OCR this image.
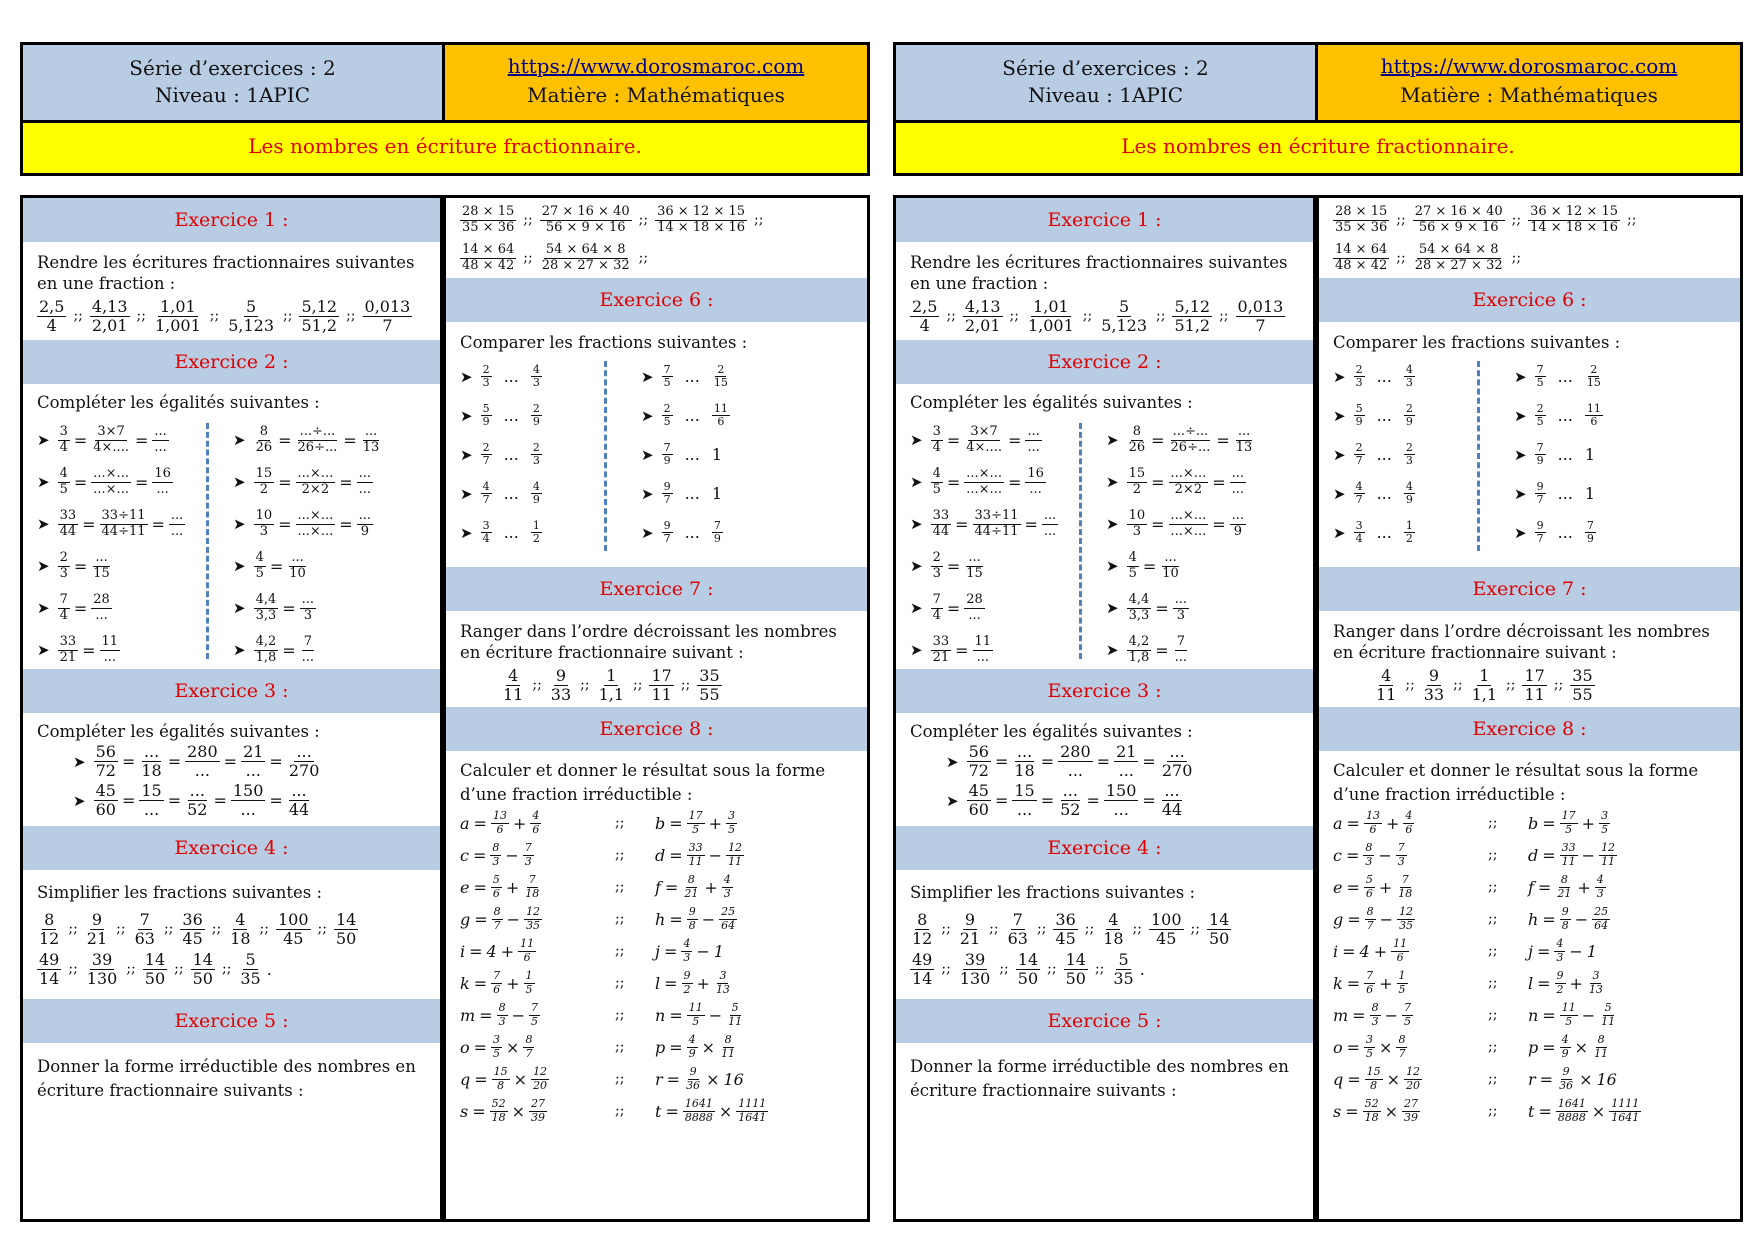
Série d’exercices : 2
Niveau : 1APIC
https://www.dorosmaroc.com
Matière : Mathématiques
Les nombres en écriture fractionnaire.
Exercice 1 :
Rendre les écritures fractionnaires suivantes en une fraction :
$\frac{2,5}{4}$ ;; $\frac{4,13}{2,01}$ ;; $\frac{1,01}{1,001}$ ;; $\frac{5}{5,123}$ ;; $\frac{5,12}{51,2}$ ;; $\frac{0,013}{7}$
Exercice 2 :
Compléter les égalités suivantes :
➤ $\frac{3}{4} = \frac{3\times 7}{4\times....} = \frac{...}{...}$
➤ $\frac{4}{5} = \frac{...\times...}{...\times...} = \frac{16}{...}$
➤ $\frac{33}{44} = \frac{33\div 11}{44\div 11} = \frac{...}{...}$
➤ $\frac{2}{3} = \frac{...}{15}$
➤ $\frac{7}{4} = \frac{28}{...}$
➤ $\frac{33}{21} = \frac{11}{...}$
➤ $\frac{8}{26} = \frac{...\div...}{26\div...} = \frac{...}{13}$
➤ $\frac{15}{2} = \frac{...\times...}{2\times 2} = \frac{...}{...}$
➤ $\frac{10}{3} = \frac{...\times...}{...\times...} = \frac{...}{9}$
➤ $\frac{4}{5} = \frac{...}{10}$
➤ $\frac{4,4}{3,3} = \frac{...}{3}$
➤ $\frac{4,2}{1,8} = \frac{7}{...}$
Exercice 3 :
Compléter les égalités suivantes :
➤ $\frac{56}{72} = \frac{...}{18} = \frac{280}{...} = \frac{21}{...} = \frac{...}{270}$
➤ $\frac{45}{60} = \frac{15}{...} = \frac{...}{52} = \frac{150}{...} = \frac{...}{44}$
Exercice 4 :
Simplifier les fractions suivantes :
$\frac{8}{12}$ ;; $\frac{9}{21}$ ;; $\frac{7}{63}$ ;; $\frac{36}{45}$ ;; $\frac{4}{18}$ ;; $\frac{100}{45}$ ;; $\frac{14}{50}$
$\frac{49}{14}$ ;; $\frac{39}{130}$ ;; $\frac{14}{50}$ ;; $\frac{14}{50}$ ;; $\frac{5}{35}$ .
Exercice 5 :
Donner la forme irréductible des nombres en écriture fractionnaire suivants :
$\frac{28 \times 15}{35 \times 36}$ ;; $\frac{27 \times 16 \times 40}{56 \times 9 \times 16}$ ;; $\frac{36 \times 12 \times 15}{14 \times 18 \times 16}$ ;;
$\frac{14 \times 64}{48 \times 42}$ ;; $\frac{54 \times 64 \times 8}{28 \times 27 \times 32}$ ;;
Exercice 6 :
Comparer les fractions suivantes :
➤ $\frac{2}{3}$ ... $\frac{4}{3}$
➤ $\frac{5}{9}$ ... $\frac{2}{9}$
➤ $\frac{2}{7}$ ... $\frac{2}{3}$
➤ $\frac{4}{7}$ ... $\frac{4}{9}$
➤ $\frac{3}{4}$ ... $\frac{1}{2}$
➤ $\frac{7}{5}$ ... $\frac{2}{15}$
➤ $\frac{2}{5}$ ... $\frac{11}{6}$
➤ $\frac{7}{9}$ ... 1
➤ $\frac{9}{7}$ ... 1
➤ $\frac{9}{7}$ ... $\frac{7}{9}$
Exercice 7 :
Ranger dans l’ordre décroissant les nombres en écriture fractionnaire suivant :
$\frac{4}{11}$ ;; $\frac{9}{33}$ ;; $\frac{1}{1,1}$ ;; $\frac{17}{11}$ ;; $\frac{35}{55}$
Exercice 8 :
Calculer et donner le résultat sous la forme d’une fraction irréductible :
$a = \frac{13}{6} + \frac{4}{6}$	;;	$b = \frac{17}{5} + \frac{3}{5}$
$c = \frac{8}{3} - \frac{7}{3}$	;;	$d = \frac{33}{11} - \frac{12}{11}$
$e = \frac{5}{6} + \frac{7}{18}$	;;	$f = \frac{8}{21} + \frac{4}{3}$
$g = \frac{8}{7} - \frac{12}{35}$	;;	$h = \frac{9}{8} - \frac{25}{64}$
$i = 4 + \frac{11}{6}$	;;	$j = \frac{4}{3} - 1$
$k = \frac{7}{6} + \frac{1}{5}$	;;	$l = \frac{9}{2} + \frac{3}{13}$
$m = \frac{8}{3} - \frac{7}{5}$	;;	$n = \frac{11}{5} - \frac{5}{11}$
$o = \frac{3}{5} \times \frac{8}{7}$	;;	$p = \frac{4}{9} \times \frac{8}{11}$
$q = \frac{15}{8} \times \frac{12}{20}$	;;	$r = \frac{9}{36} \times 16$
$s = \frac{52}{18} \times \frac{27}{39}$	;;	$t = \frac{1641}{8888} \times \frac{1111}{1641}$
Série d’exercices : 2
Niveau : 1APIC
https://www.dorosmaroc.com
Matière : Mathématiques
Les nombres en écriture fractionnaire.
Exercice 1 :
Rendre les écritures fractionnaires suivantes en une fraction :
$\frac{2,5}{4}$ ;; $\frac{4,13}{2,01}$ ;; $\frac{1,01}{1,001}$ ;; $\frac{5}{5,123}$ ;; $\frac{5,12}{51,2}$ ;; $\frac{0,013}{7}$
Exercice 2 :
Compléter les égalités suivantes :
➤ $\frac{3}{4} = \frac{3\times 7}{4\times....} = \frac{...}{...}$
➤ $\frac{4}{5} = \frac{...\times...}{...\times...} = \frac{16}{...}$
➤ $\frac{33}{44} = \frac{33\div 11}{44\div 11} = \frac{...}{...}$
➤ $\frac{2}{3} = \frac{...}{15}$
➤ $\frac{7}{4} = \frac{28}{...}$
➤ $\frac{33}{21} = \frac{11}{...}$
➤ $\frac{8}{26} = \frac{...\div...}{26\div...} = \frac{...}{13}$
➤ $\frac{15}{2} = \frac{...\times...}{2\times 2} = \frac{...}{...}$
➤ $\frac{10}{3} = \frac{...\times...}{...\times...} = \frac{...}{9}$
➤ $\frac{4}{5} = \frac{...}{10}$
➤ $\frac{4,4}{3,3} = \frac{...}{3}$
➤ $\frac{4,2}{1,8} = \frac{7}{...}$
Exercice 3 :
Compléter les égalités suivantes :
➤ $\frac{56}{72} = \frac{...}{18} = \frac{280}{...} = \frac{21}{...} = \frac{...}{270}$
➤ $\frac{45}{60} = \frac{15}{...} = \frac{...}{52} = \frac{150}{...} = \frac{...}{44}$
Exercice 4 :
Simplifier les fractions suivantes :
$\frac{8}{12}$ ;; $\frac{9}{21}$ ;; $\frac{7}{63}$ ;; $\frac{36}{45}$ ;; $\frac{4}{18}$ ;; $\frac{100}{45}$ ;; $\frac{14}{50}$
$\frac{49}{14}$ ;; $\frac{39}{130}$ ;; $\frac{14}{50}$ ;; $\frac{14}{50}$ ;; $\frac{5}{35}$ .
Exercice 5 :
Donner la forme irréductible des nombres en écriture fractionnaire suivants :
$\frac{28 \times 15}{35 \times 36}$ ;; $\frac{27 \times 16 \times 40}{56 \times 9 \times 16}$ ;; $\frac{36 \times 12 \times 15}{14 \times 18 \times 16}$ ;;
$\frac{14 \times 64}{48 \times 42}$ ;; $\frac{54 \times 64 \times 8}{28 \times 27 \times 32}$ ;;
Exercice 6 :
Comparer les fractions suivantes :
➤ $\frac{2}{3}$ ... $\frac{4}{3}$
➤ $\frac{5}{9}$ ... $\frac{2}{9}$
➤ $\frac{2}{7}$ ... $\frac{2}{3}$
➤ $\frac{4}{7}$ ... $\frac{4}{9}$
➤ $\frac{3}{4}$ ... $\frac{1}{2}$
➤ $\frac{7}{5}$ ... $\frac{2}{15}$
➤ $\frac{2}{5}$ ... $\frac{11}{6}$
➤ $\frac{7}{9}$ ... 1
➤ $\frac{9}{7}$ ... 1
➤ $\frac{9}{7}$ ... $\frac{7}{9}$
Exercice 7 :
Ranger dans l’ordre décroissant les nombres en écriture fractionnaire suivant :
$\frac{4}{11}$ ;; $\frac{9}{33}$ ;; $\frac{1}{1,1}$ ;; $\frac{17}{11}$ ;; $\frac{35}{55}$
Exercice 8 :
Calculer et donner le résultat sous la forme d’une fraction irréductible :
$a = \frac{13}{6} + \frac{4}{6}$	;;	$b = \frac{17}{5} + \frac{3}{5}$
$c = \frac{8}{3} - \frac{7}{3}$	;;	$d = \frac{33}{11} - \frac{12}{11}$
$e = \frac{5}{6} + \frac{7}{18}$	;;	$f = \frac{8}{21} + \frac{4}{3}$
$g = \frac{8}{7} - \frac{12}{35}$	;;	$h = \frac{9}{8} - \frac{25}{64}$
$i = 4 + \frac{11}{6}$	;;	$j = \frac{4}{3} - 1$
$k = \frac{7}{6} + \frac{1}{5}$	;;	$l = \frac{9}{2} + \frac{3}{13}$
$m = \frac{8}{3} - \frac{7}{5}$	;;	$n = \frac{11}{5} - \frac{5}{11}$
$o = \frac{3}{5} \times \frac{8}{7}$	;;	$p = \frac{4}{9} \times \frac{8}{11}$
$q = \frac{15}{8} \times \frac{12}{20}$	;;	$r = \frac{9}{36} \times 16$
$s = \frac{52}{18} \times \frac{27}{39}$	;;	$t = \frac{1641}{8888} \times \frac{1111}{1641}$
